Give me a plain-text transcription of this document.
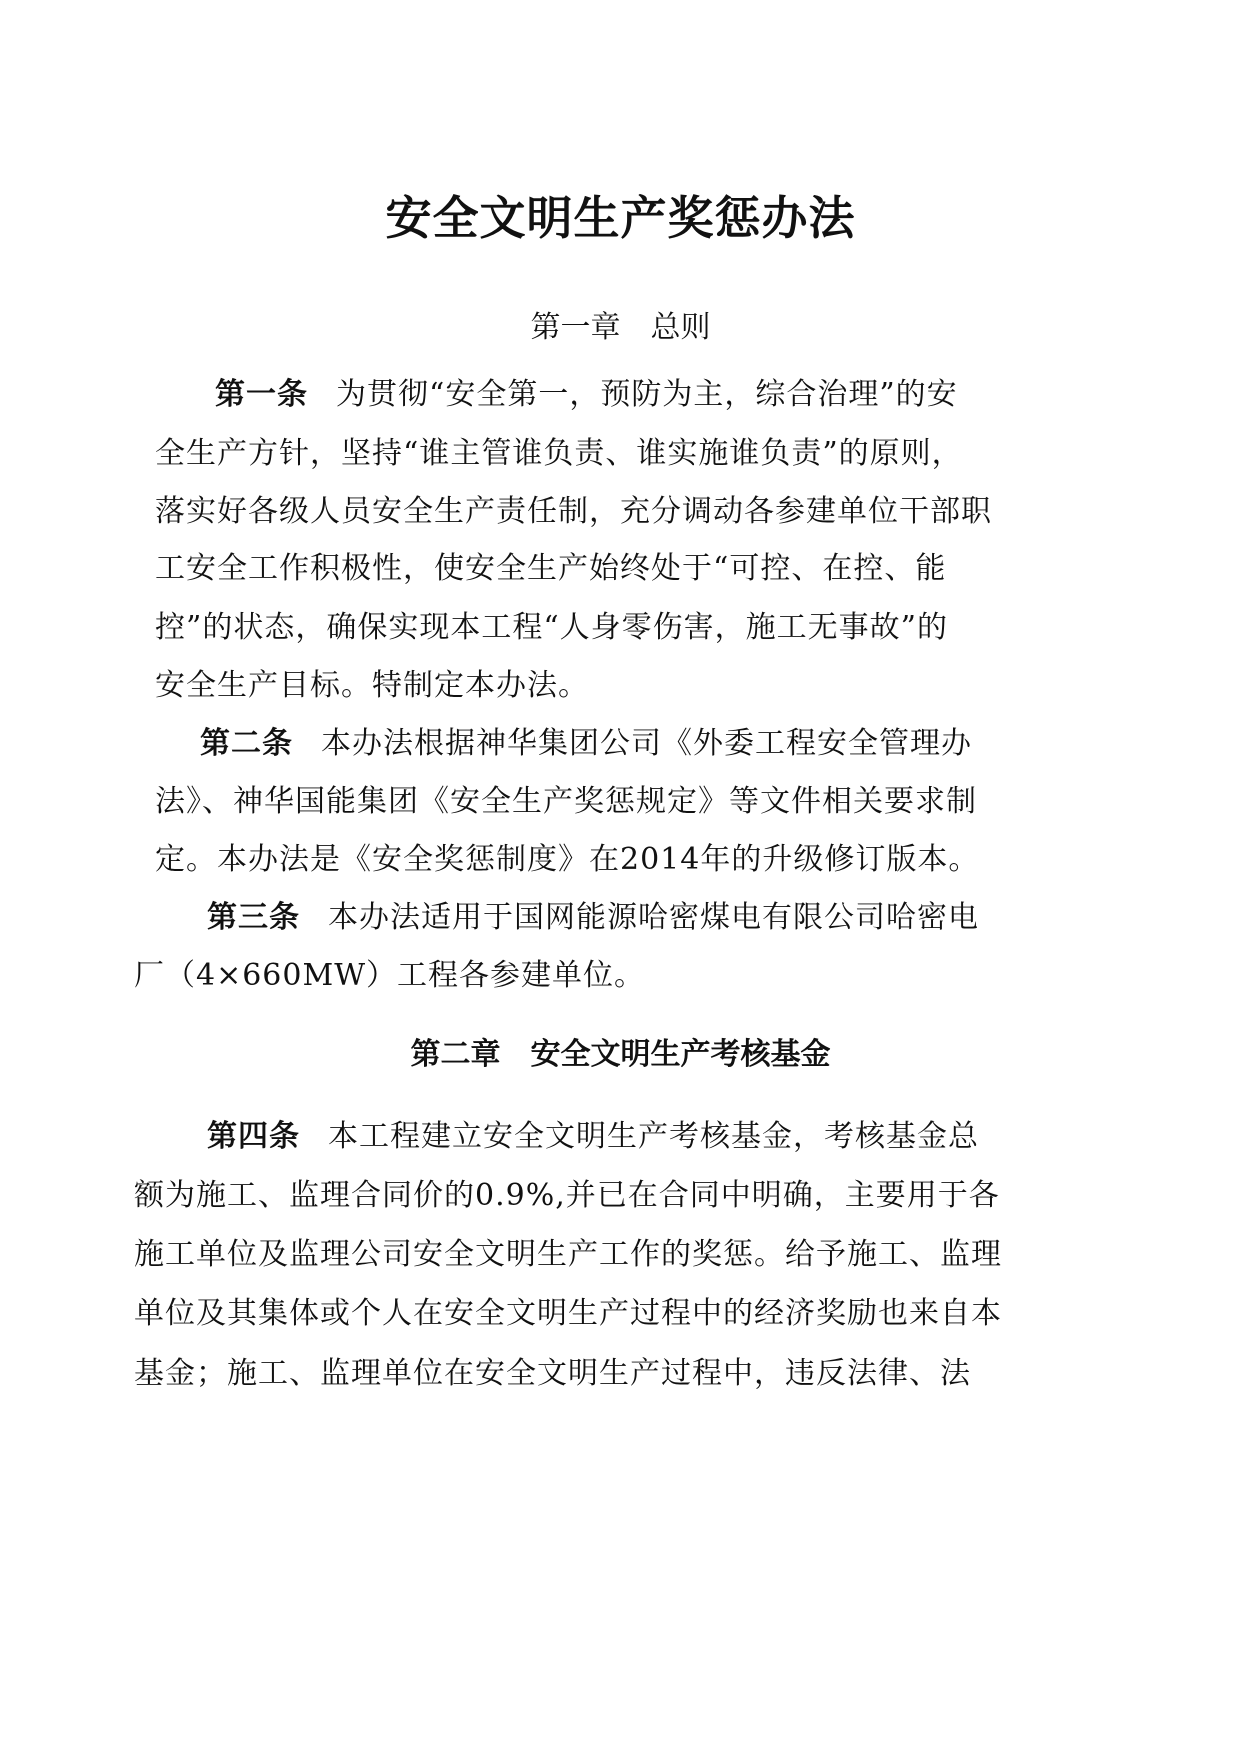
安全文明生产奖惩办法
第一章　总则
第一条 为贯彻“安全第一，预防为主，综合治理”的安
全生产方针，坚持“谁主管谁负责、谁实施谁负责”的原则，
落实好各级人员安全生产责任制，充分调动各参建单位干部职
工安全工作积极性，使安全生产始终处于“可控、在控、能
控”的状态，确保实现本工程“人身零伤害，施工无事故”的
安全生产目标。特制定本办法。
第二条 本办法根据神华集团公司《外委工程安全管理办
法》、神华国能集团《安全生产奖惩规定》等文件相关要求制
定。本办法是《安全奖惩制度》在2014年的升级修订版本。
第三条 本办法适用于国网能源哈密煤电有限公司哈密电
厂（4×660MW）工程各参建单位。
第二章　安全文明生产考核基金
第四条 本工程建立安全文明生产考核基金，考核基金总
额为施工、监理合同价的0.9%,并已在合同中明确，主要用于各
施工单位及监理公司安全文明生产工作的奖惩。给予施工、监理
单位及其集体或个人在安全文明生产过程中的经济奖励也来自本
基金；施工、监理单位在安全文明生产过程中，违反法律、法
